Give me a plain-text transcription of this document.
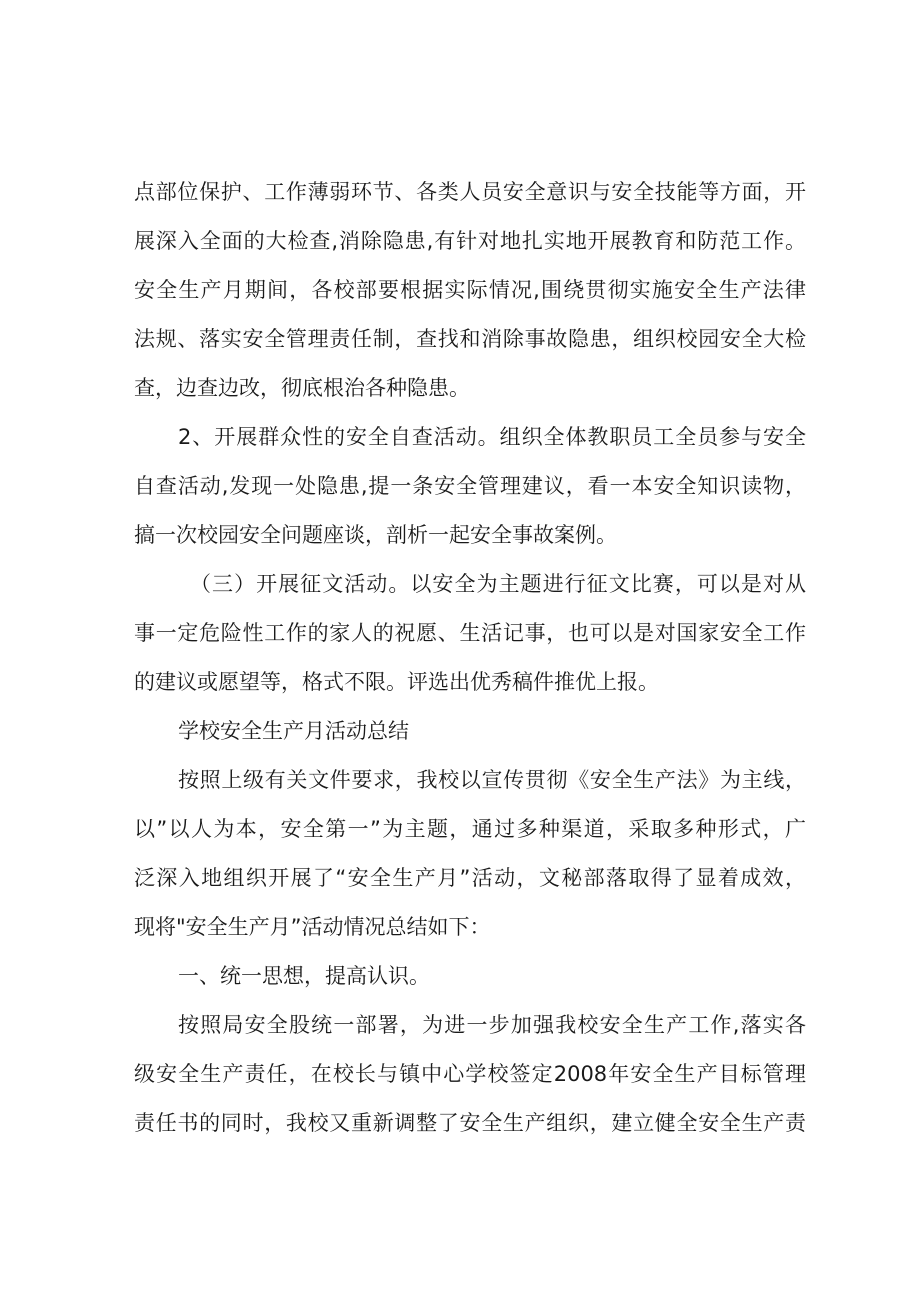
点部位保护、工作薄弱环节、各类人员安全意识与安全技能等方面，开
展深入全面的大检查,消除隐患,有针对地扎实地开展教育和防范工作。
安全生产月期间，各校部要根据实际情况,围绕贯彻实施安全生产法律
法规、落实安全管理责任制，查找和消除事故隐患，组织校园安全大检
查，边查边改，彻底根治各种隐患。
2、开展群众性的安全自查活动。组织全体教职员工全员参与安全
自查活动,发现一处隐患,提一条安全管理建议，看一本安全知识读物，
搞一次校园安全问题座谈，剖析一起安全事故案例。
（三）开展征文活动。以安全为主题进行征文比赛，可以是对从
事一定危险性工作的家人的祝愿、生活记事，也可以是对国家安全工作
的建议或愿望等，格式不限。评选出优秀稿件推优上报。
学校安全生产月活动总结
按照上级有关文件要求，我校以宣传贯彻《安全生产法》为主线，
以”以人为本，安全第一”为主题，通过多种渠道，采取多种形式，广
泛深入地组织开展了“安全生产月”活动，文秘部落取得了显着成效，
现将"安全生产月”活动情况总结如下：
一、统一思想，提高认识。
按照局安全股统一部署，为进一步加强我校安全生产工作,落实各
级安全生产责任，在校长与镇中心学校签定2008年安全生产目标管理
责任书的同时，我校又重新调整了安全生产组织，建立健全安全生产责
